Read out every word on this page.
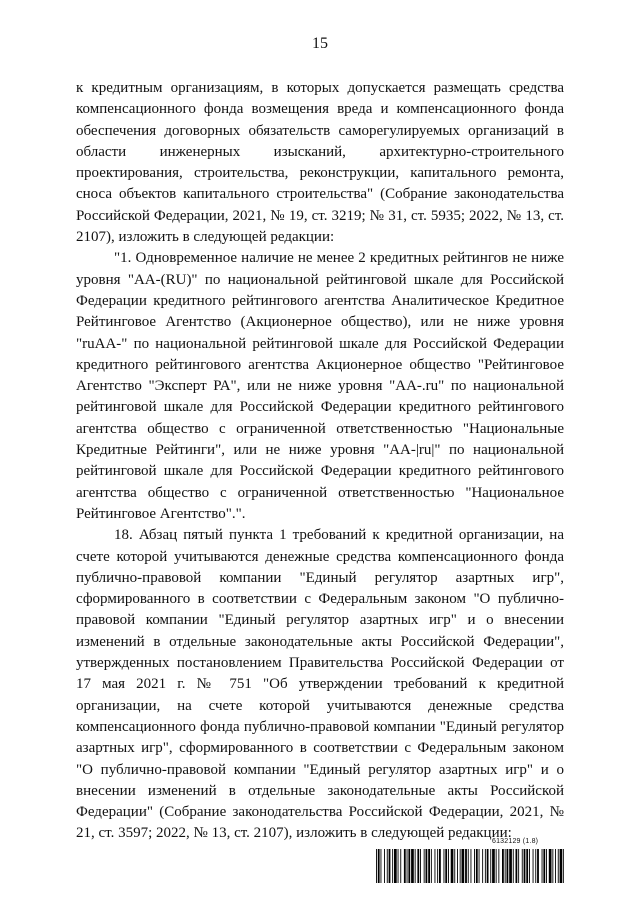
15

к кредитным организациям, в которых допускается размещать средства компенсационного фонда возмещения вреда и компенсационного фонда обеспечения договорных обязательств саморегулируемых организаций в области инженерных изысканий, архитектурно-строительного проектирования, строительства, реконструкции, капитального ремонта, сноса объектов капитального строительства" (Собрание законодательства Российской Федерации, 2021, № 19, ст. 3219; № 31, ст. 5935; 2022, № 13, ст. 2107), изложить в следующей редакции:

"1. Одновременное наличие не менее 2 кредитных рейтингов не ниже уровня "AA-(RU)" по национальной рейтинговой шкале для Российской Федерации кредитного рейтингового агентства Аналитическое Кредитное Рейтинговое Агентство (Акционерное общество), или не ниже уровня "ruAA-" по национальной рейтинговой шкале для Российской Федерации кредитного рейтингового агентства Акционерное общество "Рейтинговое Агентство "Эксперт РА", или не ниже уровня "AA-.ru" по национальной рейтинговой шкале для Российской Федерации кредитного рейтингового агентства общество с ограниченной ответственностью "Национальные Кредитные Рейтинги", или не ниже уровня "AA-|ru|" по национальной рейтинговой шкале для Российской Федерации кредитного рейтингового агентства общество с ограниченной ответственностью "Национальное Рейтинговое Агентство".".

18. Абзац пятый пункта 1 требований к кредитной организации, на счете которой учитываются денежные средства компенсационного фонда публично-правовой компании "Единый регулятор азартных игр", сформированного в соответствии с Федеральным законом "О публично-правовой компании "Единый регулятор азартных игр" и о внесении изменений в отдельные законодательные акты Российской Федерации", утвержденных постановлением Правительства Российской Федерации от 17 мая 2021 г. № 751 "Об утверждении требований к кредитной организации, на счете которой учитываются денежные средства компенсационного фонда публично-правовой компании "Единый регулятор азартных игр", сформированного в соответствии с Федеральным законом "О публично-правовой компании "Единый регулятор азартных игр" и о внесении изменений в отдельные законодательные акты Российской Федерации" (Собрание законодательства Российской Федерации, 2021, № 21, ст. 3597; 2022, № 13, ст. 2107), изложить в следующей редакции:

6132129 (1.8)
